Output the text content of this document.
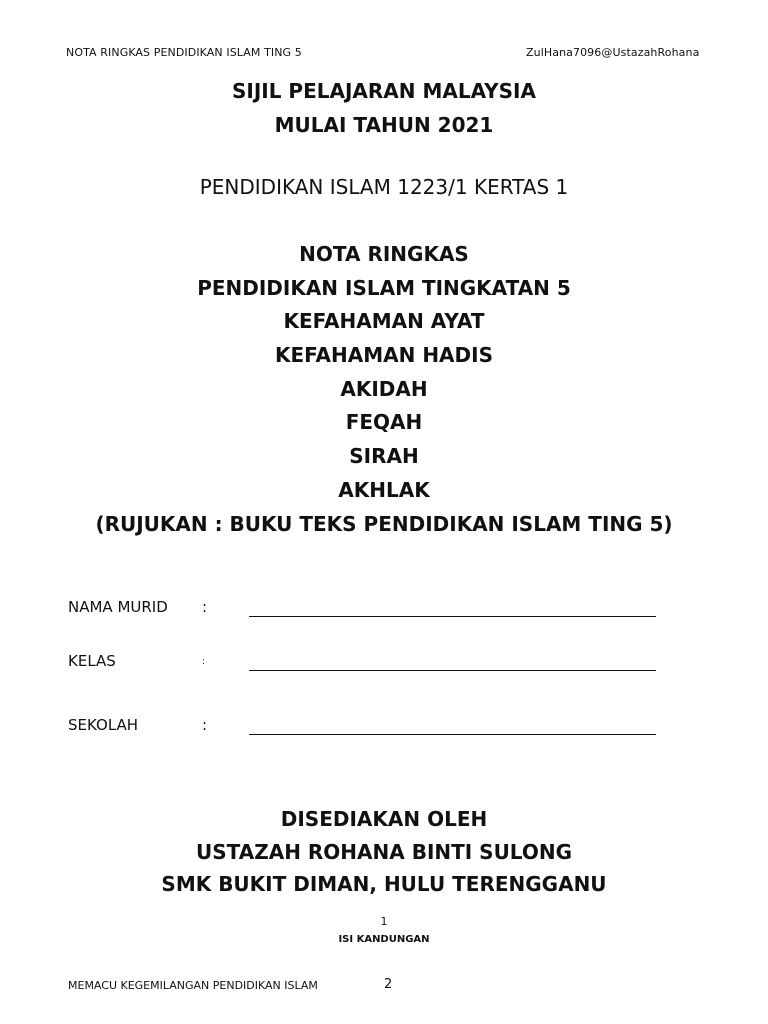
NOTA RINGKAS PENDIDIKAN ISLAM TING 5	ZulHana7096@UstazahRohana
SIJIL PELAJARAN MALAYSIA
MULAI TAHUN 2021
PENDIDIKAN ISLAM 1223/1 KERTAS 1
NOTA RINGKAS
PENDIDIKAN ISLAM TINGKATAN 5
KEFAHAMAN AYAT
KEFAHAMAN HADIS
AKIDAH
FEQAH
SIRAH
AKHLAK
(RUJUKAN : BUKU TEKS PENDIDIKAN ISLAM TING 5)
NAMA MURID :
KELAS	:
SEKOLAH	:
DISEDIAKAN OLEH
USTAZAH ROHANA BINTI SULONG
SMK BUKIT DIMAN, HULU TERENGGANU
1
ISI KANDUNGAN
MEMACU KEGEMILANGAN PENDIDIKAN ISLAM	2
